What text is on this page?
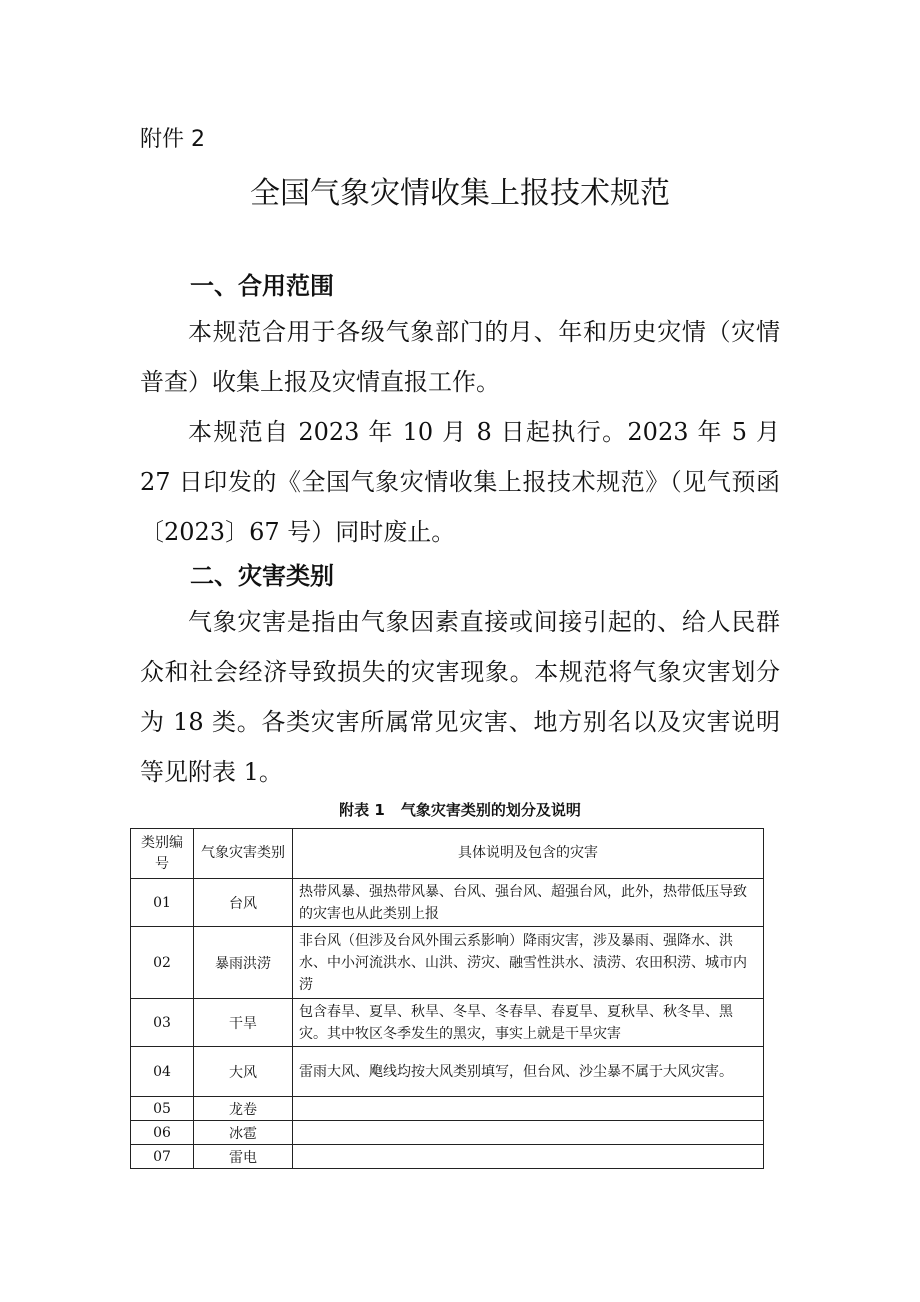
附件 2
全国气象灾情收集上报技术规范
一、合用范围
本规范合用于各级气象部门的月、年和历史灾情（灾情普查）收集上报及灾情直报工作。
本规范自 2023 年 10 月 8 日起执行。2023 年 5 月 27 日印发的《全国气象灾情收集上报技术规范》（见气预函〔2023〕67 号）同时废止。
二、灾害类别
气象灾害是指由气象因素直接或间接引起的、给人民群众和社会经济导致损失的灾害现象。本规范将气象灾害划分为 18 类。各类灾害所属常见灾害、地方别名以及灾害说明等见附表 1。
附表 1 气象灾害类别的划分及说明
类别编号	气象灾害类别	具体说明及包含的灾害
01	台风	热带风暴、强热带风暴、台风、强台风、超强台风，此外，热带低压导致的灾害也从此类别上报
02	暴雨洪涝	非台风（但涉及台风外围云系影响）降雨灾害，涉及暴雨、强降水、洪水、中小河流洪水、山洪、涝灾、融雪性洪水、渍涝、农田积涝、城市内涝
03	干旱	包含春旱、夏旱、秋旱、冬旱、冬春旱、春夏旱、夏秋旱、秋冬旱、黑灾。其中牧区冬季发生的黑灾，事实上就是干旱灾害
04	大风	雷雨大风、飑线均按大风类别填写，但台风、沙尘暴不属于大风灾害。
05	龙卷	
06	冰雹	
07	雷电	
